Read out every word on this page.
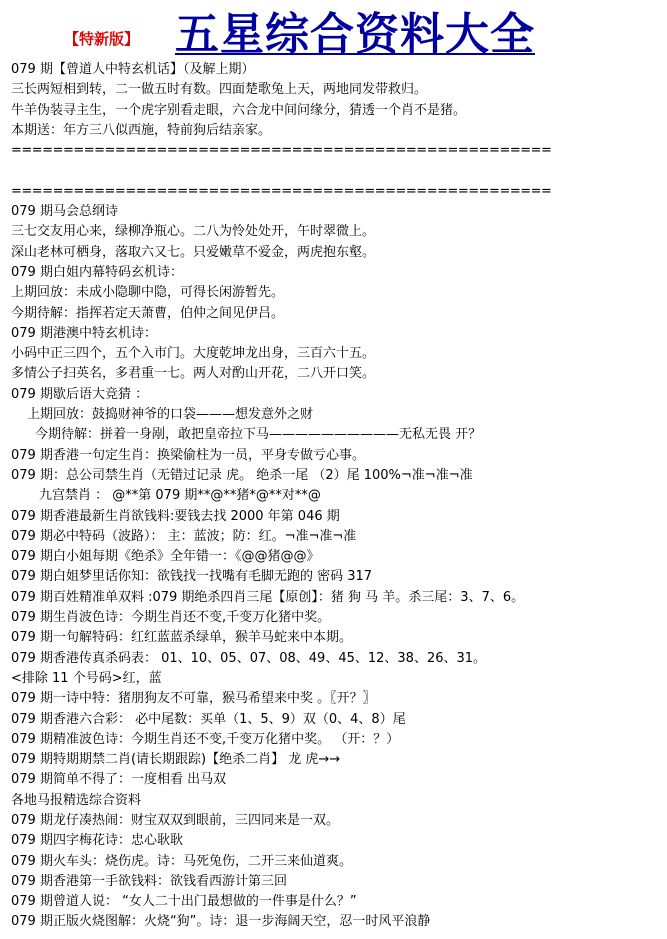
【特新版】 五星综合资料大全
079 期【曾道人中特玄机话】（及解上期）
三长两短相到转，二一做五时有数。四面楚歌兔上天，两地同发带救归。
牛羊伪装寻主生，一个虎字别看走眼，六合龙中间问缘分，猜透一个肖不是猪。
本期送：年方三八似西施，特前狗后结亲家。
====================================================
====================================================
079 期马会总纲诗
三七交友用心来，绿柳净瓶心。二八为怜处处开，午时翠微上。
深山老林可栖身，落取六又七。只爱嫩草不爱金，两虎抱东壑。
079 期白姐内幕特码玄机诗：
上期回放：未成小隐聊中隐，可得长闲游暂先。
今期待解：指挥若定天萧曹，伯仲之间见伊吕。
079 期港澳中特玄机诗：
小码中正三四个，五个入市门。大度乾坤龙出身，三百六十五。
多情公子扫英名，多君重一七。两人对酌山开花，二八开口笑。
079 期歇后语大竞猜 ：
上期回放：鼓捣财神爷的口袋———想发意外之财
今期待解：拼着一身剐，敢把皇帝拉下马——————————无私无畏 开？
079 期香港一句定生肖：换梁偷柱为一员，平身专做亏心事。
079 期：总公司禁生肖（无错过记录 虎。 绝杀一尾 （2）尾 100%¬准¬准¬准
九宫禁肖 ： @**第 079 期**@**猪*@**对**@
079 期香港最新生肖欲钱料:要钱去找 2000 年第 046 期
079 期必中特码（波路）： 主：蓝波；防：红。¬准¬准¬准
079 期白小姐每期《绝杀》全年错一：《@@猪@@》
079 期白姐梦里话你知：欲钱找一找嘴有毛脚无跑的 密码 317
079 期百姓精准单双料 :079 期绝杀四肖三尾【原创】：猪 狗 马 羊。杀三尾：3、7、6。
079 期生肖波色诗：今期生肖还不变,千变万化猪中奖。
079 期一句解特码：红红蓝蓝杀绿单，猴羊马蛇来中本期。
079 期香港传真杀码表： 01、10、05、07、08、49、45、12、38、26、31。
<排除 11 个号码>红，蓝
079 期一诗中特：猪朋狗友不可靠，猴马希望来中奖 。〖开？〗
079 期香港六合彩： 必中尾数：买单（1、5、9）双（0、4、8）尾
079 期精准波色诗：今期生肖还不变,千变万化猪中奖。 （开：？）
079 期特期期禁二肖(请长期跟踪)【绝杀二肖】 龙 虎→→
079 期简单不得了：一度相看 出马双
各地马报精选综合资料
079 期龙仔凑热闹：财宝双双到眼前，三四同来是一双。
079 期四字梅花诗：忠心耿耿
079 期火车头：烧伤虎。诗：马死兔伤，二开三来仙道爽。
079 期香港第一手欲钱料：欲钱看西游计第三回
079 期曾道人说： “女人二十出门最想做的一件事是什么？”
079 期正版火烧图解：火烧“狗”。诗：退一步海阔天空，忍一时风平浪静
